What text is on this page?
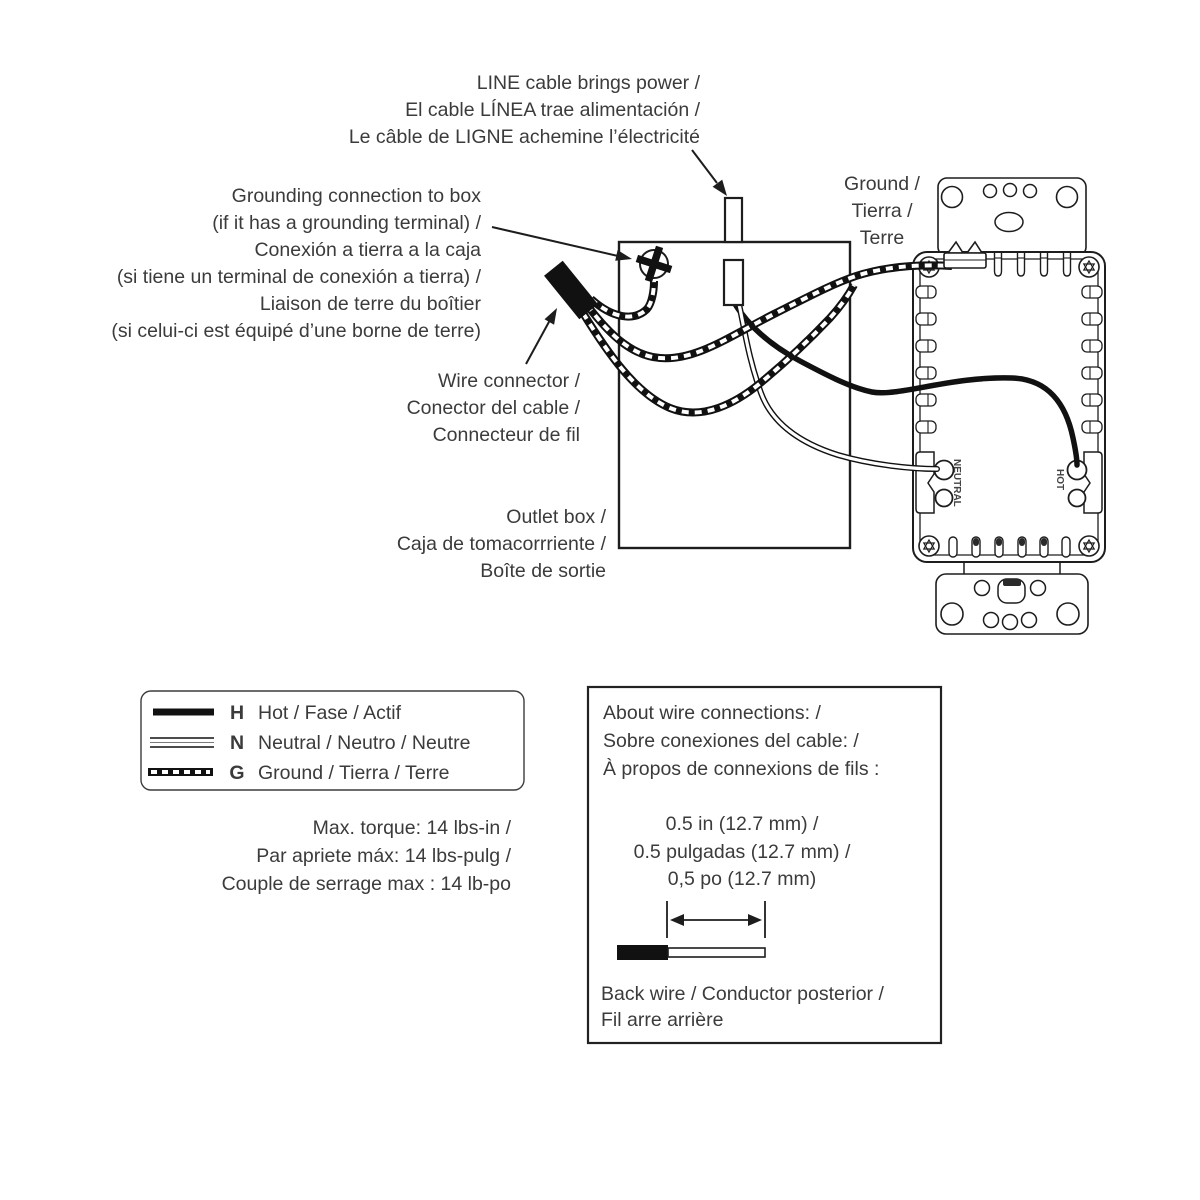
NEUTRAL	HOT
LINE cable brings power /
El cable LÍNEA trae alimentación /
Le câble de LIGNE achemine l’électricité
Grounding connection to box
(if it has a grounding terminal) /
Conexión a tierra a la caja
(si tiene un terminal de conexión a tierra) /
Liaison de terre du boîtier
(si celui-ci est équipé d’une borne de terre)
Wire connector /
Conector del cable /
Connecteur de fil
Outlet box /
Caja de tomacorrriente /
Boîte de sortie
Ground /
Tierra /
Terre
H
N
G
Hot / Fase / Actif
Neutral / Neutro / Neutre
Ground / Tierra / Terre
Max. torque: 14 lbs-in /
Par apriete máx: 14 lbs-pulg /
Couple de serrage max : 14 lb-po
About wire connections: /
Sobre conexiones del cable: /
À propos de connexions de fils :
0.5 in (12.7 mm) /
0.5 pulgadas (12.7 mm) /
0,5 po (12.7 mm)
Back wire / Conductor posterior /
Fil arre arrière
